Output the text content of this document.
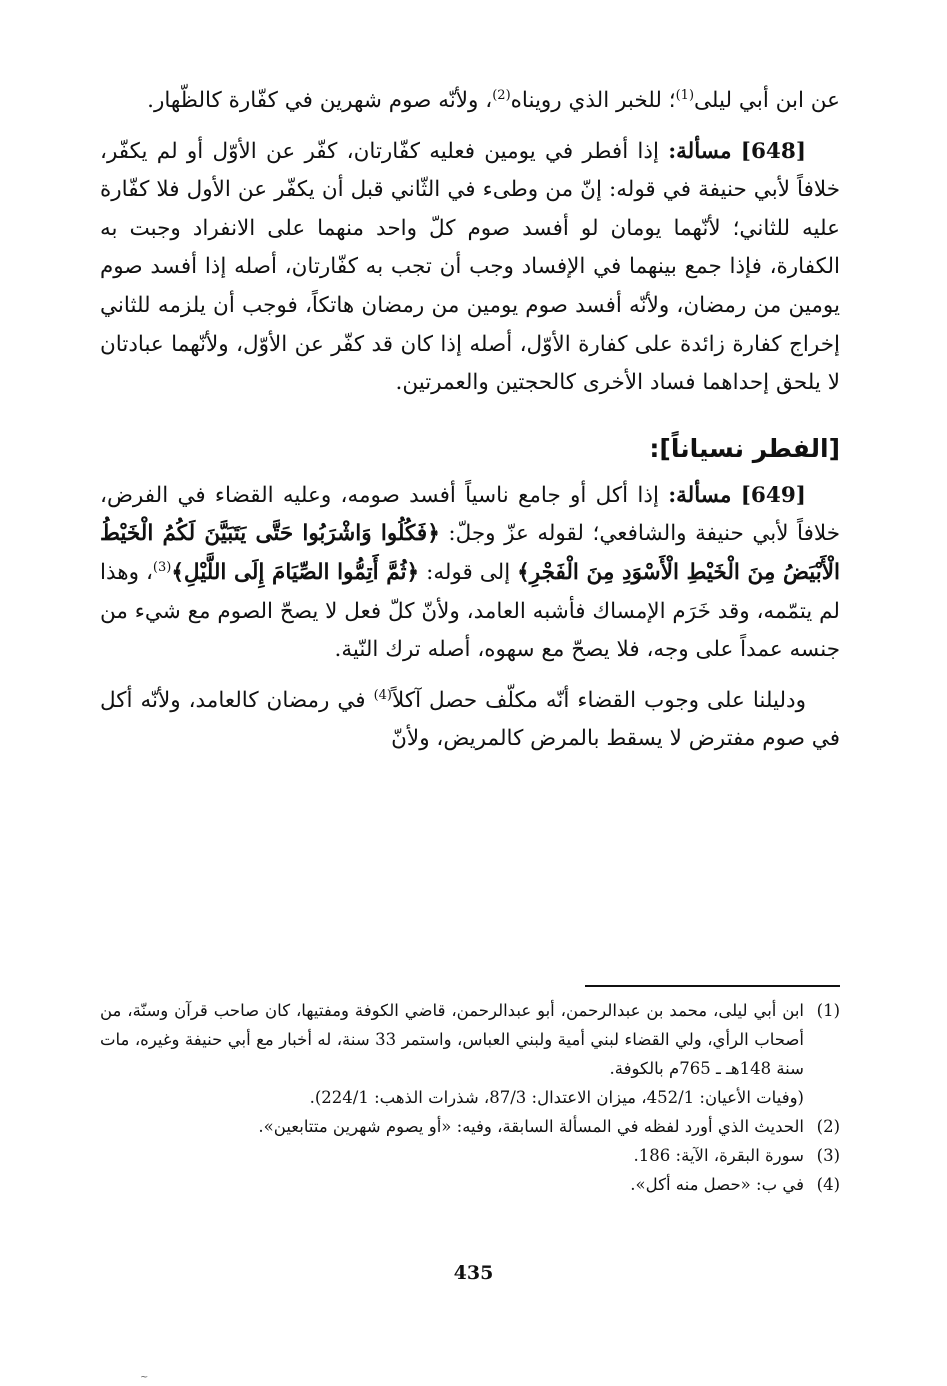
عن ابن أبي ليلى$^{(1)}$؛ للخبر الذي رويناه$^{(2)}$، ولأنّه صوم شهرين في كفّارة كالظّهار.

[648] مسألة: إذا أفطر في يومين فعليه كفّارتان، كفّر عن الأوّل أو لم يكفّر، خلافاً لأبي حنيفة في قوله: إنّ من وطىء في الثّاني قبل أن يكفّر عن الأول فلا كفّارة عليه للثاني؛ لأنّهما يومان لو أفسد صوم كلّ واحد منهما على الانفراد وجبت به الكفارة، فإذا جمع بينهما في الإفساد وجب أن تجب به كفّارتان، أصله إذا أفسد صوم يومين من رمضان، ولأنّه أفسد صوم يومين من رمضان هاتكاً، فوجب أن يلزمه للثاني إخراج كفارة زائدة على كفارة الأوّل، أصله إذا كان قد كفّر عن الأوّل، ولأنّهما عبادتان لا يلحق إحداهما فساد الأخرى كالحجتين والعمرتين.

[الفطر نسياناً]:

[649] مسألة: إذا أكل أو جامع ناسياً أفسد صومه، وعليه القضاء في الفرض، خلافاً لأبي حنيفة والشافعي؛ لقوله عزّ وجلّ: ﴿فَكُلُوا وَاشْرَبُوا حَتَّى يَتَبَيَّنَ لَكُمُ الْخَيْطُ الْأَبْيَضُ مِنَ الْخَيْطِ الْأَسْوَدِ مِنَ الْفَجْرِ﴾ إلى قوله: ﴿ثُمَّ أَتِمُّوا الصِّيَامَ إِلَى اللَّيْلِ﴾$^{(3)}$، وهذا لم يتمّمه، وقد خَرَم الإمساك فأشبه العامد، ولأنّ كلّ فعل لا يصحّ الصوم مع شيء من جنسه عمداً على وجه، فلا يصحّ مع سهوه، أصله ترك النّية.

ودليلنا على وجوب القضاء أنّه مكلّف حصل آكلاً$^{(4)}$ في رمضان كالعامد، ولأنّه أكل في صوم مفترض لا يسقط بالمرض كالمريض، ولأنّ

(1)
ابن أبي ليلى، محمد بن عبدالرحمن، أبو عبدالرحمن، قاضي الكوفة ومفتيها، كان صاحب قرآن وسنّة، من أصحاب الرأي، ولي القضاء لبني أمية ولبني العباس، واستمر 33 سنة، له أخبار مع أبي حنيفة وغيره، مات سنة 148هـ ـ 765م بالكوفة.
(وفيات الأعيان: 452/1، ميزان الاعتدال: 87/3، شذرات الذهب: 224/1).
(2)
الحديث الذي أورد لفظه في المسألة السابقة، وفيه: «أو يصوم شهرين متتابعين».
(3)
سورة البقرة، الآية: 186.
(4)
في ب: «حصل منه أكل».
435
~
